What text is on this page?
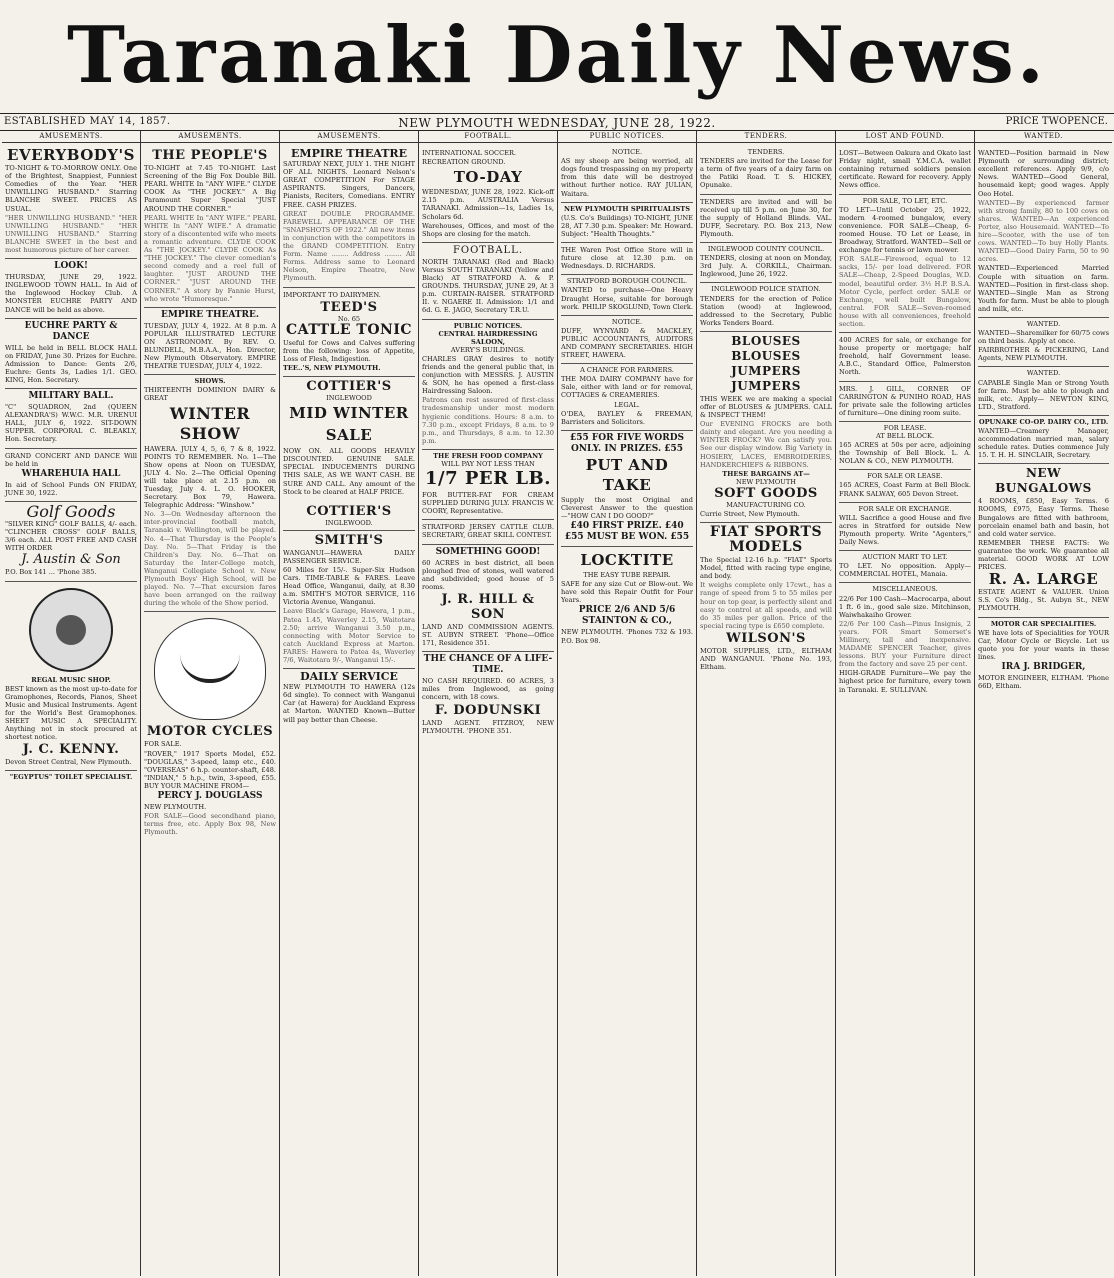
Taranaki Daily News.
ESTABLISHED MAY 14, 1857.	NEW PLYMOUTH WEDNESDAY, JUNE 28, 1922.	PRICE TWOPENCE.
AMUSEMENTS.
EVERYBODY'S
TO-NIGHT & TO-MORROW ONLY. One of the Brightest, Snappiest, Funniest Comedies of the Year. "HER UNWILLING HUSBAND." Starring BLANCHE SWEET. PRICES AS USUAL.
"HER UNWILLING HUSBAND." "HER UNWILLING HUSBAND." "HER UNWILLING HUSBAND." Starring BLANCHE SWEET in the best and most humorous picture of her career.
LOOK!
THURSDAY, JUNE 29, 1922. INGLEWOOD TOWN HALL. In Aid of the Inglewood Hockey Club. A MONSTER EUCHRE PARTY AND DANCE will be held as above.
EUCHRE PARTY & DANCE
WILL be held in BELL BLOCK HALL on FRIDAY, June 30. Prizes for Euchre. Admission to Dance: Gents 2/6, Euchre: Gents 3s, Ladies 1/1. GEO. KING, Hon. Secretary.
MILITARY BALL.
"C" SQUADRON, 2nd (QUEEN ALEXANDRA'S) W.W.C. M.R. URENUI HALL, JULY 6, 1922. SIT-DOWN SUPPER. CORPORAL C. BLEAKLY, Hon. Secretary.
GRAND CONCERT AND DANCE Will be held in
WHAREHUIA HALL
In aid of School Funds ON FRIDAY, JUNE 30, 1922.
Golf Goods
"SILVER KING" GOLF BALLS, 4/- each. "CLINCHER CROSS" GOLF BALLS, 3/6 each. ALL POST FREE AND CASH WITH ORDER
J. Austin & Son
P.O. Box 141 ... 'Phone 385.
REGAL MUSIC SHOP.
BEST known as the most up-to-date for Gramophones, Records, Pianos, Sheet Music and Musical Instruments. Agent for the World's Best Gramophones. SHEET MUSIC A SPECIALITY. Anything not in stock procured at shortest notice.
J. C. KENNY.
Devon Street Central, New Plymouth.
"EGYPTUS" TOILET SPECIALIST.
AMUSEMENTS.
THE PEOPLE'S
TO-NIGHT at 7.45 TO-NIGHT. Last Screening of the Big Fox Double Bill. PEARL WHITE In "ANY WIFE." CLYDE COOK As "THE JOCKEY." A Big Paramount Super Special "JUST AROUND THE CORNER."
PEARL WHITE In "ANY WIFE." PEARL WHITE In "ANY WIFE." A dramatic story of a discontented wife who meets a romantic adventure. CLYDE COOK As "THE JOCKEY." CLYDE COOK As "THE JOCKEY." The clever comedian's second comedy and a reel full of laughter. "JUST AROUND THE CORNER." "JUST AROUND THE CORNER." A story by Fannie Hurst, who wrote "Humoresque."
EMPIRE THEATRE.
TUESDAY, JULY 4, 1922. At 8 p.m. A POPULAR ILLUSTRATED LECTURE ON ASTRONOMY. By REV. O. BLUNDELL, M.B.A.A., Hon. Director, New Plymouth Observatory. EMPIRE THEATRE TUESDAY, JULY 4, 1922.
SHOWS.
THIRTEENTH DOMINION DAIRY & GREAT
WINTER SHOW
HAWERA. JULY 4, 5, 6, 7 & 8, 1922. POINTS TO REMEMBER. No. 1—The Show opens at Noon on TUESDAY, JULY 4. No. 2—The Official Opening will take place at 2.15 p.m. on Tuesday, July 4. L. O. HOOKER, Secretary. Box 79, Hawera. Telegraphic Address: "Winshow."
No. 3—On Wednesday afternoon the inter-provincial football match, Taranaki v. Wellington, will be played. No. 4—That Thursday is the People's Day. No. 5—That Friday is the Children's Day. No. 6—That on Saturday the Inter-College match, Wanganui Collegiate School v. New Plymouth Boys' High School, will be played. No. 7—That excursion fares have been arranged on the railway during the whole of the Show period.
MOTOR CYCLES
FOR SALE.
"ROVER," 1917 Sports Model, £52. "DOUGLAS," 3-speed, lamp etc., £40. "OVERSEAS" 6 h.p. counter-shaft, £48. "INDIAN," 5 h.p., twin, 3-speed, £55. BUY YOUR MACHINE FROM—
PERCY J. DOUGLASS
NEW PLYMOUTH.
FOR SALE—Good secondhand piano, terms free, etc. Apply Box 98, New Plymouth.
AMUSEMENTS.
EMPIRE THEATRE
SATURDAY NEXT, JULY 1. THE NIGHT OF ALL NIGHTS. Leonard Nelson's GREAT COMPETITION For STAGE ASPIRANTS. Singers, Dancers, Pianists, Reciters, Comedians. ENTRY FREE. CASH PRIZES.
GREAT DOUBLE PROGRAMME. FAREWELL APPEARANCE OF THE "SNAPSHOTS OF 1922." All new items in conjunction with the competitors in the GRAND COMPETITION. Entry Form. Name ........ Address ........ All Forms. Address same to Leonard Nelson, Empire Theatre, New Plymouth.
IMPORTANT TO DAIRYMEN.
TEED'S
No. 65
CATTLE TONIC
Useful for Cows and Calves suffering from the following: loss of Appetite, Loss of Flesh, Indigestion.
TEE..'S, NEW PLYMOUTH.
COTTIER'S
INGLEWOOD
MID WINTER SALE
NOW ON. ALL GOODS HEAVILY DISCOUNTED. GENUINE SALE. SPECIAL INDUCEMENTS DURING THIS SALE, AS WE WANT CASH. BE SURE AND CALL. Any amount of the Stock to be cleared at HALF PRICE.
COTTIER'S
INGLEWOOD.
SMITH'S
WANGANUI—HAWERA DAILY PASSENGER SERVICE.
60 Miles for 15/-. Super-Six Hudson Cars. TIME-TABLE & FARES. Leave Head Office, Wanganui, daily, at 8.30 a.m. SMITH'S MOTOR SERVICE, 116 Victoria Avenue, Wanganui.
Leave Black's Garage, Hawera, 1 p.m., Patea 1.45, Waverley 2.15, Waitotara 2.50; arrive Wanganui 3.50 p.m., connecting with Motor Service to catch Auckland Express at Marton. FARES: Hawera to Patea 4s, Waverley 7/6, Waitotara 9/-, Wanganui 15/-.
DAILY SERVICE
NEW PLYMOUTH TO HAWERA (12s 6d single). To connect with Wanganui Car (at Hawera) for Auckland Express at Marton. WANTED Known—Butter will pay better than Cheese.
FOOTBALL.
INTERNATIONAL SOCCER.
RECREATION GROUND.
TO-DAY
WEDNESDAY, JUNE 28, 1922. Kick-off 2.15 p.m. AUSTRALIA Versus TARANAKI. Admission—1s, Ladies 1s, Scholars 6d.
Warehouses, Offices, and most of the Shops are closing for the match.
FOOTBALL.
NORTH TARANAKI (Red and Black) Versus SOUTH TARANAKI (Yellow and Black) AT STRATFORD A. & P. GROUNDS. THURSDAY, JUNE 29, At 3 p.m. CURTAIN-RAISER. STRATFORD II. v. NGAERE II. Admission: 1/1 and 6d. G. E. JAGO, Secretary T.R.U.
PUBLIC NOTICES.
CENTRAL HAIRDRESSING SALOON,
AVERY'S BUILDINGS.
CHARLES GRAY desires to notify friends and the general public that, in conjunction with MESSRS. J. AUSTIN & SON, he has opened a first-class Hairdressing Saloon.
Patrons can rest assured of first-class tradesmanship under most modern hygienic conditions. Hours: 8 a.m. to 7.30 p.m., except Fridays, 8 a.m. to 9 p.m., and Thursdays, 8 a.m. to 12.30 p.m.
THE FRESH FOOD COMPANY
WILL PAY NOT LESS THAN
1/7 PER LB.
FOR BUTTER-FAT FOR CREAM SUPPLIED DURING JULY. FRANCIS W. COORY, Representative.
STRATFORD JERSEY CATTLE CLUB. SECRETARY, GREAT SKILL CONTEST.
SOMETHING GOOD!
60 ACRES in best district, all been ploughed free of stones, well watered and subdivided; good house of 5 rooms.
J. R. HILL & SON
LAND AND COMMISSION AGENTS. ST. AUBYN STREET. 'Phone—Office 171, Residence 351.
THE CHANCE OF A LIFE-TIME.
NO CASH REQUIRED. 60 ACRES, 3 miles from Inglewood, as going concern, with 18 cows.
F. DODUNSKI
LAND AGENT. FITZROY, NEW PLYMOUTH. 'PHONE 351.
PUBLIC NOTICES.
NOTICE.
AS my sheep are being worried, all dogs found trespassing on my property from this date will be destroyed without further notice. RAY JULIAN, Waitara.
NEW PLYMOUTH SPIRITUALISTS
(U.S. Co's Buildings) TO-NIGHT, JUNE 28, AT 7.30 p.m. Speaker: Mr. Howard. Subject: "Health Thoughts."
THE Waren Post Office Store will in future close at 12.30 p.m. on Wednesdays. D. RICHARDS.
STRATFORD BOROUGH COUNCIL.
WANTED to purchase—One Heavy Draught Horse, suitable for borough work. PHILIP SKOGLUND, Town Clerk.
NOTICE.
DUFF, WYNYARD & MACKLEY, PUBLIC ACCOUNTANTS, AUDITORS AND COMPANY SECRETARIES. HIGH STREET, HAWERA.
A CHANCE FOR FARMERS.
THE MOA DAIRY COMPANY have for Sale, either with land or for removal, COTTAGES & CREAMERIES.
LEGAL.
O'DEA, BAYLEY & FREEMAN, Barristers and Solicitors.
£55 FOR FIVE WORDS ONLY. IN PRIZES. £55
PUT AND TAKE
Supply the most Original and Cleverest Answer to the question—"HOW CAN I DO GOOD?"
£40 FIRST PRIZE. £40
£55 MUST BE WON. £55
LOCKTITE
THE EASY TUBE REPAIR.
SAFE for any size Cut or Blow-out. We have sold this Repair Outfit for Four Years.
PRICE 2/6 AND 5/6
STAINTON & CO.,
NEW PLYMOUTH. 'Phones 732 & 193. P.O. Box 98.
TENDERS.
TENDERS.
TENDERS are invited for the Lease for a term of five years of a dairy farm on the Patiki Road. T. S. HICKEY, Opunake.
TENDERS are invited and will be received up till 5 p.m. on June 30, for the supply of Holland Blinds. VAL. DUFF, Secretary. P.O. Box 213, New Plymouth.
INGLEWOOD COUNTY COUNCIL.
TENDERS, closing at noon on Monday, 3rd July. A. CORKILL, Chairman. Inglewood, June 26, 1922.
INGLEWOOD POLICE STATION.
TENDERS for the erection of Police Station (wood) at Inglewood, addressed to the Secretary, Public Works Tenders Board.
BLOUSES BLOUSES
JUMPERS JUMPERS
THIS WEEK we are making a special offer of BLOUSES & JUMPERS. CALL & INSPECT THEM!
Our EVENING FROCKS are both dainty and elegant. Are you needing a WINTER FROCK? We can satisfy you. See our display window. Big Variety in HOSIERY, LACES, EMBROIDERIES, HANDKERCHIEFS & RIBBONS.
THESE BARGAINS AT—
NEW PLYMOUTH
SOFT GOODS
MANUFACTURING CO.
Currie Street, New Plymouth.
FIAT SPORTS
MODELS
The Special 12-16 h.p. "FIAT" Sports Model, fitted with racing type engine, and body.
It weighs complete only 17cwt., has a range of speed from 5 to 55 miles per hour on top gear, is perfectly silent and easy to control at all speeds, and will do 35 miles per gallon. Price of the special racing type is £650 complete.
WILSON'S
MOTOR SUPPLIES, LTD., ELTHAM AND WANGANUI. 'Phone No. 193, Eltham.
LOST AND FOUND.
LOST—Between Oakura and Okato last Friday night, small Y.M.C.A. wallet containing returned soldiers pension certificate. Reward for recovery. Apply News office.
FOR SALE, TO LET, ETC.
TO LET—Until October 25, 1922, modern 4-roomed bungalow, every convenience. FOR SALE—Cheap, 6-roomed House. TO Let or Lease, in Broadway, Stratford. WANTED—Sell or exchange for tennis or lawn mower.
FOR SALE—Firewood, equal to 12 sacks, 15/- per load delivered. FOR SALE—Cheap, 2-Speed Douglas, W.D. model, beautiful order. 3½ H.P. B.S.A. Motor Cycle, perfect order. SALE or Exchange, well built Bungalow, central. FOR SALE—Seven-roomed house with all conveniences, freehold section.
400 ACRES for sale, or exchange for house property or mortgage; half freehold, half Government lease. A.B.C., Standard Office, Palmerston North.
MRS. J. GILL, CORNER OF CARRINGTON & PUNIHO ROAD, HAS for private sale the following articles of furniture—One dining room suite.
FOR LEASE.
AT BELL BLOCK.
165 ACRES at 50s per acre, adjoining the Township of Bell Block. L. A. NOLAN & CO., NEW PLYMOUTH.
FOR SALE OR LEASE.
165 ACRES, Coast Farm at Bell Block. FRANK SALWAY, 605 Devon Street.
FOR SALE OR EXCHANGE.
WILL Sacrifice a good House and five acres in Stratford for outside New Plymouth property. Write "Agenters," Daily News.
AUCTION MART TO LET.
TO LET. No opposition. Apply—COMMERCIAL HOTEL, Manaia.
MISCELLANEOUS.
22/6 Per 100 Cash—Macrocarpa, about 1 ft. 6 in., good sale size. Mitchinson, Waiwhakaiho Grower.
22/6 Per 100 Cash—Pinus Insignis, 2 years. FOR Smart Somerset's Millinery, tall and inexpensive. MADAME SPENCER Teacher, gives lessons. BUY your Furniture direct from the factory and save 25 per cent.
HIGH-GRADE Furniture—We pay the highest price for furniture, every town in Taranaki. E. SULLIVAN.
WANTED.
WANTED—Position barmaid in New Plymouth or surrounding district; excellent references. Apply 9/9, c/o News. WANTED—Good General, housemaid kept; good wages. Apply Oeo Hotel.
WANTED—By experienced farmer with strong family, 80 to 100 cows on shares. WANTED—An experienced Porter, also Housemaid. WANTED—To hire—Scooter, with the use of ten cows. WANTED—To buy Holly Plants. WANTED—Good Dairy Farm, 50 to 90 acres.
WANTED—Experienced Married Couple with situation on farm. WANTED—Position in first-class shop. WANTED—Single Man as Strong Youth for farm. Must be able to plough and milk, etc.
WANTED.
WANTED—Sharemilker for 60/75 cows on third basis. Apply at once.
FAIRBROTHER & PICKERING, Land Agents, NEW PLYMOUTH.
WANTED.
CAPABLE Single Man or Strong Youth for farm. Must be able to plough and milk, etc. Apply— NEWTON KING, LTD., Stratford.
OPUNAKE CO-OP. DAIRY CO., LTD.
WANTED—Creamery Manager, accommodation married man, salary schedule rates. Duties commence July 15. T. H. H. SINCLAIR, Secretary.
NEW BUNGALOWS
4 ROOMS, £850, Easy Terms. 6 ROOMS, £975, Easy Terms. These Bungalows are fitted with bathroom, porcelain enamel bath and basin, hot and cold water service.
REMEMBER THESE FACTS: We guarantee the work. We guarantee all material. GOOD WORK AT LOW PRICES.
R. A. LARGE
ESTATE AGENT & VALUER. Union S.S. Co's Bldg., St. Aubyn St., NEW PLYMOUTH.
MOTOR CAR SPECIALITIES.
WE have lots of Specialities for YOUR Car, Motor Cycle or Bicycle. Let us quote you for your wants in these lines.
IRA J. BRIDGER,
MOTOR ENGINEER, ELTHAM. 'Phone 66D, Eltham.
